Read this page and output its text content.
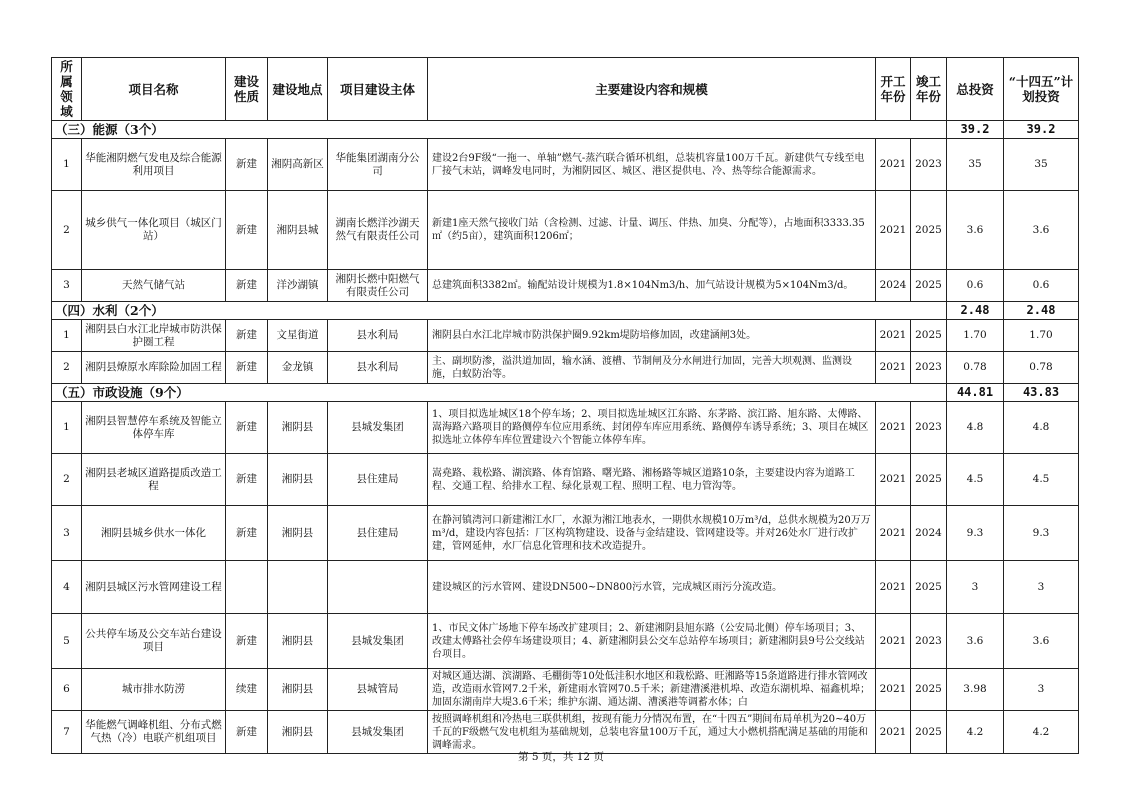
所属领域	项目名称	建设性质	建设地点	项目建设主体	主要建设内容和规模	开工年份	竣工年份	总投资	“十四五”计划投资
（三）能源（3个）								39.2	39.2
1	华能湘阴燃气发电及综合能源利用项目	新建	湘阴高新区	华能集团湖南分公司	建设2台9F级“一拖一、单轴”燃气-蒸汽联合循环机组，总装机容量100万千瓦。新建供气专线至电厂接气末站，调峰发电同时，为湘阴园区、城区、港区提供电、冷、热等综合能源需求。	2021	2023	35	35
2	城乡供气一体化项目（城区门站）	新建	湘阴县城	湖南长燃洋沙湖天然气有限责任公司	新建1座天然气接收门站（含检测、过滤、计量、调压、伴热、加臭、分配等），占地面积3333.35㎡（约5亩），建筑面积1206㎡；	2021	2025	3.6	3.6
3	天然气储气站	新建	洋沙湖镇	湘阴长燃中阳燃气有限责任公司	总建筑面积3382㎡。输配站设计规模为1.8×104Nm3/h、加气站设计规模为5×104Nm3/d。	2024	2025	0.6	0.6
（四）水利（2个）								2.48	2.48
1	湘阴县白水江北岸城市防洪保护圈工程	新建	文星街道	县水利局	湘阴县白水江北岸城市防洪保护圈9.92km堤防培修加固，改建涵闸3处。	2021	2025	1.70	1.70
2	湘阴县燎原水库除险加固工程	新建	金龙镇	县水利局	主、副坝防渗，溢洪道加固，输水涵、渡槽、节制闸及分水闸进行加固，完善大坝观测、监测设施，白蚁防治等。	2021	2023	0.78	0.78
（五）市政设施（9个）								44.81	43.83
1	湘阴县智慧停车系统及智能立体停车库	新建	湘阴县	县城发集团	1、项目拟选址城区18个停车场；2、项目拟选址城区江东路、东茅路、滨江路、旭东路、太傅路、嵩海路六路项目的路侧停车位应用系统、封闭停车库应用系统、路侧停车诱导系统；3、项目在城区拟选址立体停车库位置建设六个智能立体停车库。	2021	2023	4.8	4.8
2	湘阴县老城区道路提质改造工程	新建	湘阴县	县住建局	嵩堯路、栽松路、湖滨路、体育馆路、曙光路、湘杨路等城区道路10条，主要建设内容为道路工程、交通工程、给排水工程、绿化景观工程、照明工程、电力管沟等。	2021	2025	4.5	4.5
3	湘阴县城乡供水一体化	新建	湘阴县	县住建局	在静河镇湾河口新建湘江水厂，水源为湘江地表水，一期供水规模10万m³/d，总供水规模为20万万m³/d，建设内容包括：厂区构筑物建设、设备与金结建设、管网建设等。并对26处水厂进行改扩建，管网延伸，水厂信息化管理和技术改造提升。	2021	2024	9.3	9.3
4	湘阴县城区污水管网建设工程				建设城区的污水管网、建设DN500~DN800污水管，完成城区雨污分流改造。	2021	2025	3	3
5	公共停车场及公交车站台建设项目	新建	湘阴县	县城发集团	1、市民文体广场地下停车场改扩建项目；2、新建湘阴县旭东路（公安局北侧）停车场项目；3、改建太傅路社会停车场建设项目；4、新建湘阴县公交车总站停车场项目；新建湘阴县9号公交线站台项目。	2021	2023	3.6	3.6
6	城市排水防涝	续建	湘阴县	县城管局	对城区通达湖、滨湖路、毛棚街等10处低洼积水地区和栽松路、旺湘路等15条道路进行排水管网改造，改造雨水管网7.2千米，新建雨水管网70.5千米；新建漕溪港机埠、改造东湖机埠、福鑫机埠；加固东湖南岸大堤3.6千米；维护东湖、通达湖、漕溪港等调蓄水体；白	2021	2025	3.98	3
7	华能燃气调峰机组、分布式燃气热（冷）电联产机组项目	新建	湘阴县	县城发集团	按照调峰机组和冷热电三联供机组，按现有能力分情况布置，在“十四五”期间布局单机为20~40万千瓦的F级燃气发电机组为基础规划，总装电容量100万千瓦，通过大小燃机搭配满足基础的用能和调峰需求。	2021	2025	4.2	4.2
第 5 页，共 12 页
